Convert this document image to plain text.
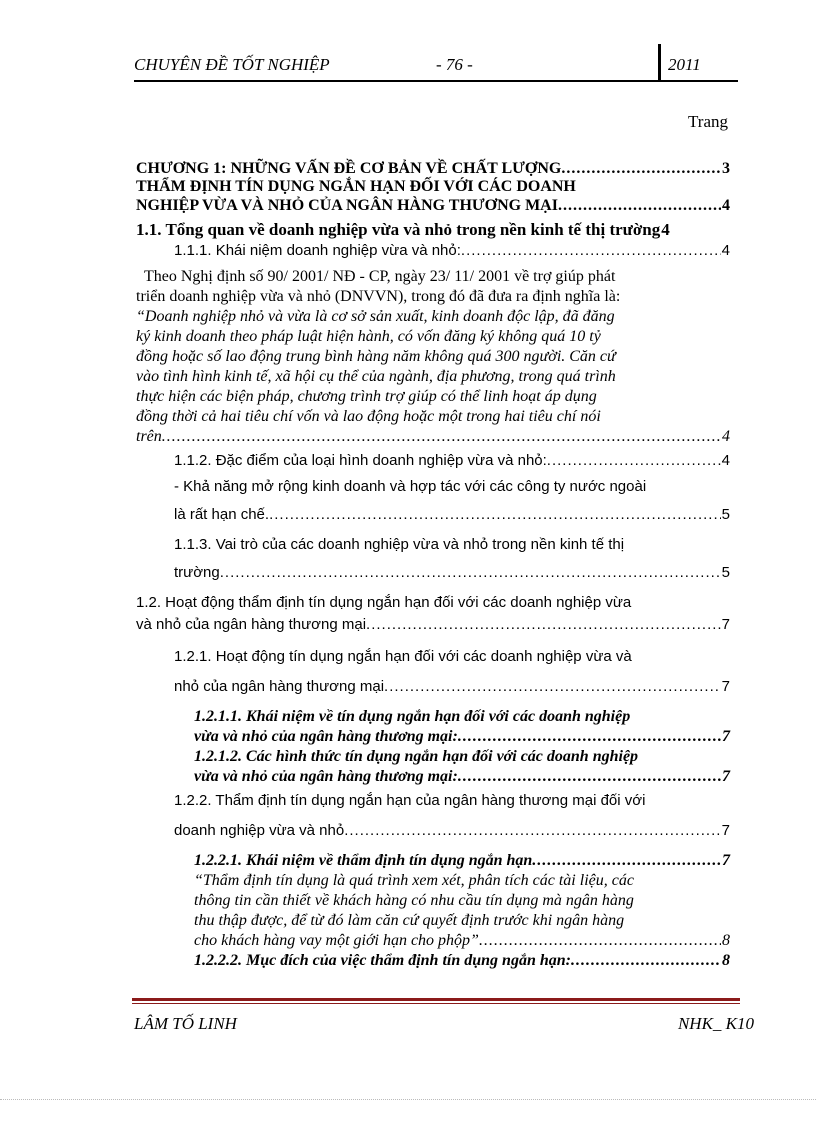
CHUYÊN ĐỀ TỐT NGHIỆP	- 76 -	2011
Trang
CHƯƠNG 1: NHỮNG VẤN ĐỀ CƠ BẢN VỀ CHẤT LƯỢNG .....	3
THẨM ĐỊNH TÍN DỤNG NGẮN HẠN ĐỐI VỚI CÁC DOANH
NGHIỆP VỪA VÀ NHỎ CỦA NGÂN HÀNG THƯƠNG MẠI .....	4
1.1. Tổng quan về doanh nghiệp vừa và nhỏ trong nền kinh tế thị trường 4
1.1.1. Khái niệm doanh nghiệp vừa và nhỏ: .....	4
Theo Nghị định số 90/ 2001/ NĐ - CP, ngày 23/ 11/ 2001 về trợ giúp phát
triển doanh nghiệp vừa và nhỏ (DNVVN), trong đó đã đưa ra định nghĩa là:
“Doanh nghiệp nhỏ và vừa là cơ sở sản xuất, kinh doanh độc lập, đã đăng
ký kinh doanh theo pháp luật hiện hành, có vốn đăng ký không quá 10 tỷ
đồng hoặc số lao động trung bình hàng năm không quá 300 người. Căn cứ
vào tình hình kinh tế, xã hội cụ thể của ngành, địa phương, trong quá trình
thực hiện các biện pháp, chương trình trợ giúp có thể linh hoạt áp dụng
đồng thời cả hai tiêu chí vốn và lao động hoặc một trong hai tiêu chí nói
trên .....	4
1.1.2. Đặc điểm của loại hình doanh nghiệp vừa và nhỏ: .....	4
- Khả năng mở rộng kinh doanh và hợp tác với các công ty nước ngoài
là rất hạn chế. .....	5
1.1.3. Vai trò của các doanh nghiệp vừa và nhỏ trong nền kinh tế thị
trường .....	5
1.2. Hoạt động thẩm định tín dụng ngắn hạn đối với các doanh nghiệp vừa
và nhỏ của ngân hàng thương mại .....	7
1.2.1. Hoạt động tín dụng ngắn hạn đối với các doanh nghiệp vừa và
nhỏ của ngân hàng thương mại .....	7
1.2.1.1. Khái niệm về tín dụng ngắn hạn đối với các doanh nghiệp
vừa và nhỏ của ngân hàng thương mại: .....	7
1.2.1.2. Các hình thức tín dụng ngắn hạn đối với các doanh nghiệp
vừa và nhỏ của ngân hàng thương mại: .....	7
1.2.2. Thẩm định tín dụng ngắn hạn của ngân hàng thương mại đối với
doanh nghiệp vừa và nhỏ .....	7
1.2.2.1. Khái niệm về thẩm định tín dụng ngắn hạn .....	7
“Thẩm định tín dụng là quá trình xem xét, phân tích các tài liệu, các
thông tin cần thiết về khách hàng có nhu cầu tín dụng mà ngân hàng
thu thập được, để từ đó làm căn cứ quyết định trước khi ngân hàng
cho khách hàng vay một giới hạn cho phộp” .....	8
1.2.2.2. Mục đích của việc thẩm định tín dụng ngắn hạn: .....	8
LÂM TỐ LINH	NHK_ K10
